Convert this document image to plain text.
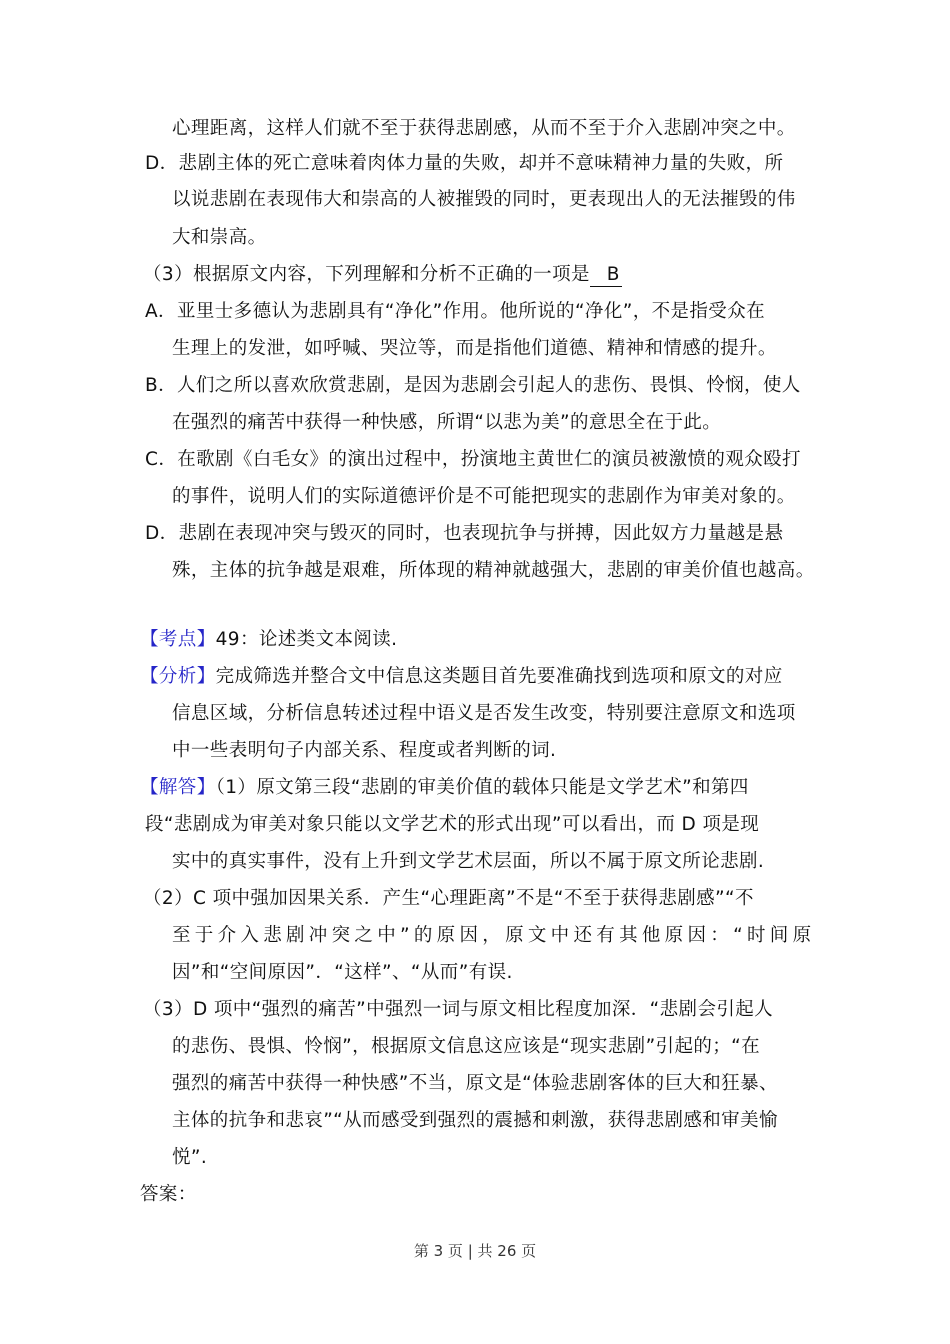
心理距离，这样人们就不至于获得悲剧感，从而不至于介入悲剧冲突之中。
D．悲剧主体的死亡意味着肉体力量的失败，却并不意味精神力量的失败，所
以说悲剧在表现伟大和崇高的人被摧毁的同时，更表现出人的无法摧毁的伟
大和崇高。
（3）根据原文内容，下列理解和分析不正确的一项是 B
A．亚里士多德认为悲剧具有“净化”作用。他所说的“净化”，不是指受众在
生理上的发泄，如呼喊、哭泣等，而是指他们道德、精神和情感的提升。
B．人们之所以喜欢欣赏悲剧，是因为悲剧会引起人的悲伤、畏惧、怜悯，使人
在强烈的痛苦中获得一种快感，所谓“以悲为美”的意思全在于此。
C．在歌剧《白毛女》的演出过程中，扮演地主黄世仁的演员被激愤的观众殴打
的事件，说明人们的实际道德评价是不可能把现实的悲剧作为审美对象的。
D．悲剧在表现冲突与毁灭的同时，也表现抗争与拼搏，因此奴方力量越是悬
殊，主体的抗争越是艰难，所体现的精神就越强大，悲剧的审美价值也越高。
【考点】49：论述类文本阅读.
【分析】完成筛选并整合文中信息这类题目首先要准确找到选项和原文的对应
信息区域，分析信息转述过程中语义是否发生改变，特别要注意原文和选项
中一些表明句子内部关系、程度或者判断的词.
【解答】（1）原文第三段“悲剧的审美价值的载体只能是文学艺术”和第四
段“悲剧成为审美对象只能以文学艺术的形式出现”可以看出，而 D 项是现
实中的真实事件，没有上升到文学艺术层面，所以不属于原文所论悲剧.
（2）C 项中强加因果关系．产生“心理距离”不是“不至于获得悲剧感”“不
至于介入悲剧冲突之中”的原因，原文中还有其他原因：“时间原
因”和“空间原因”．“这样”、“从而”有误.
（3）D 项中“强烈的痛苦”中强烈一词与原文相比程度加深．“悲剧会引起人
的悲伤、畏惧、怜悯”，根据原文信息这应该是“现实悲剧”引起的；“在
强烈的痛苦中获得一种快感”不当，原文是“体验悲剧客体的巨大和狂暴、
主体的抗争和悲哀”“从而感受到强烈的震撼和刺激，获得悲剧感和审美愉
悦”.
答案：
第 3 页 | 共 26 页
